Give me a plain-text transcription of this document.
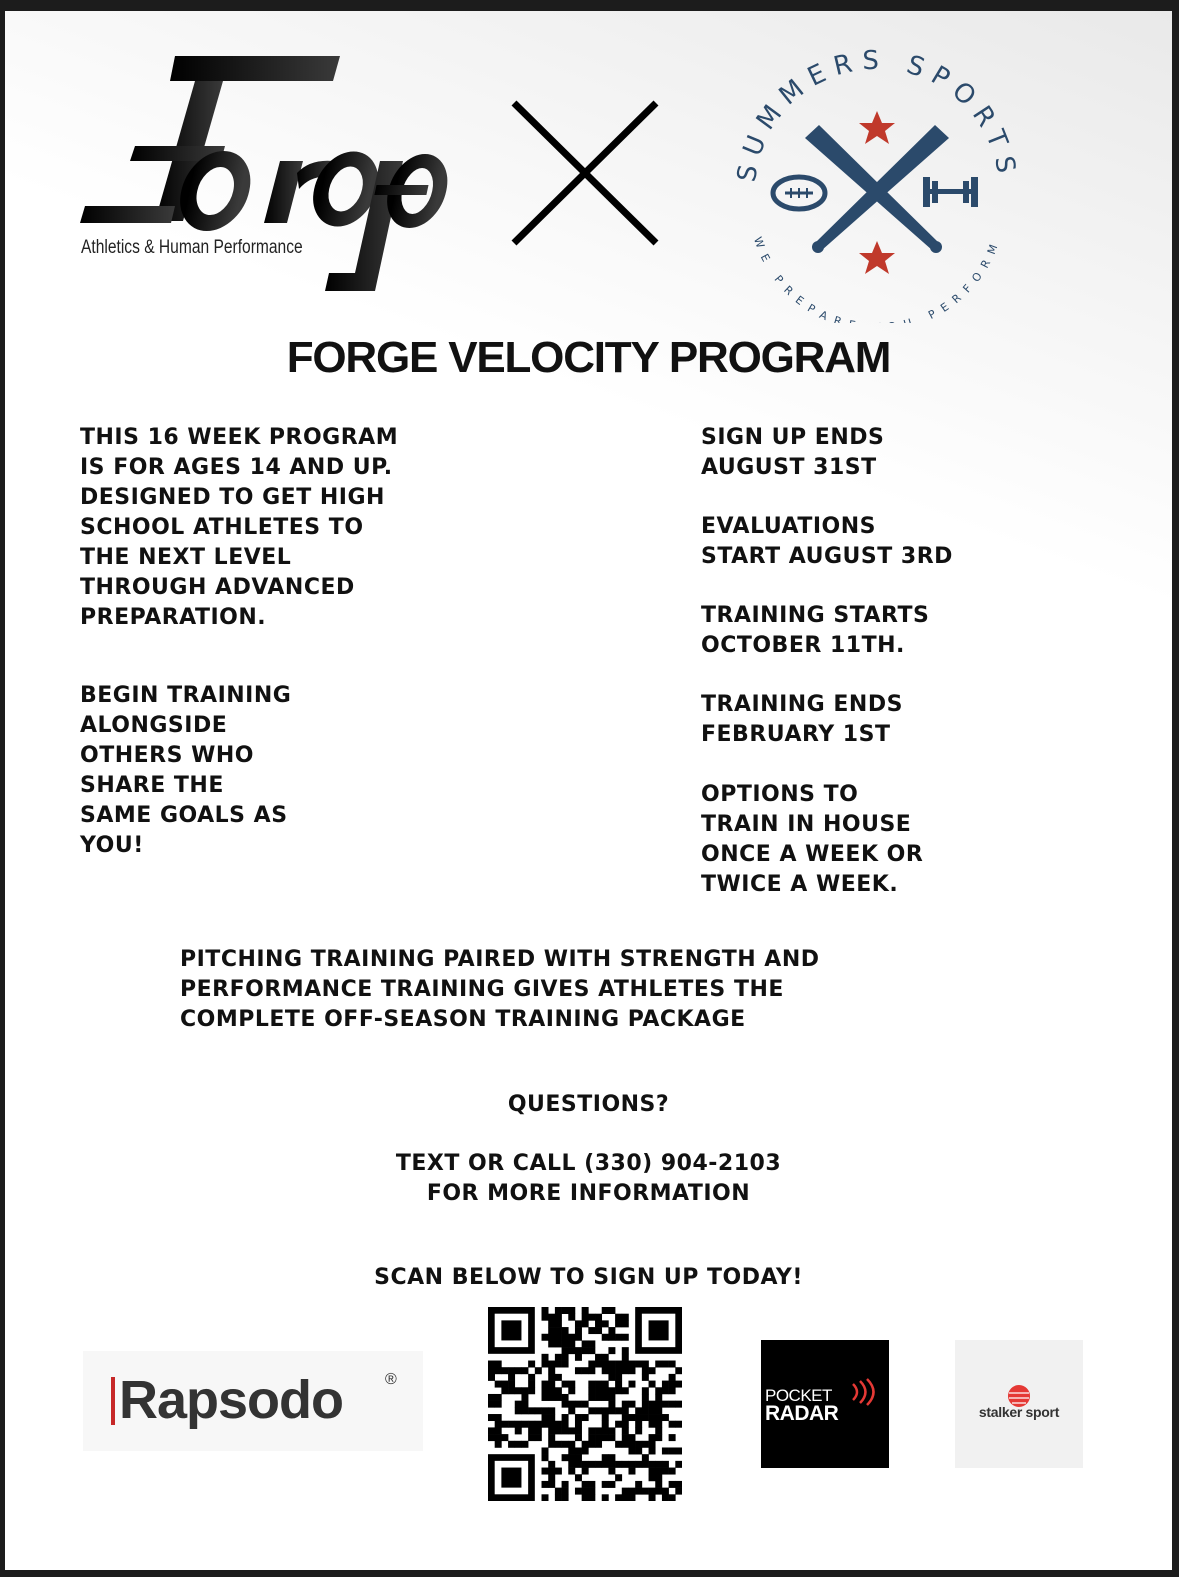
Athletics & Human Performance
SUMMERS SPORTS
WE PREPAR U PERFORM
FORGE VELOCITY PROGRAM
THIS 16 WEEK PROGRAM
IS FOR AGES 14 AND UP.
DESIGNED TO GET HIGH
SCHOOL ATHLETES TO
THE NEXT LEVEL
THROUGH ADVANCED
PREPARATION.
BEGIN TRAINING
ALONGSIDE
OTHERS WHO
SHARE THE
SAME GOALS AS
YOU!
SIGN UP ENDS
AUGUST 31ST
EVALUATIONS
START AUGUST 3RD
TRAINING STARTS
OCTOBER 11TH.
TRAINING ENDS
FEBRUARY 1ST
OPTIONS TO
TRAIN IN HOUSE
ONCE A WEEK OR
TWICE A WEEK.
PITCHING TRAINING PAIRED WITH STRENGTH AND
PERFORMANCE TRAINING GIVES ATHLETES THE
COMPLETE OFF-SEASON TRAINING PACKAGE
QUESTIONS?
TEXT OR CALL (330) 904-2103
FOR MORE INFORMATION
SCAN BELOW TO SIGN UP TODAY!
Rapsodo	®
POCKET
RADAR	stalker sport
